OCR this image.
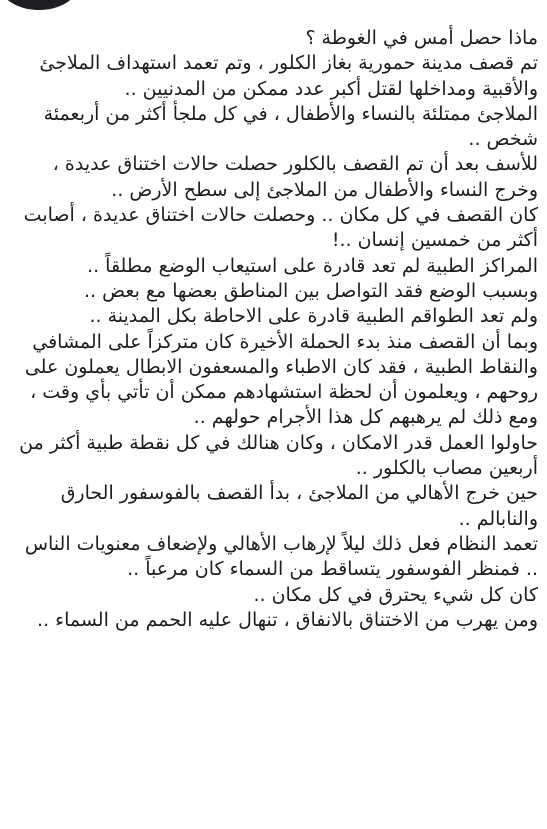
ماذا حصل أمس في الغوطة ؟

تم قصف مدينة حمورية بغاز الكلور ، وتم تعمد استهداف الملاجئ والأقبية ومداخلها لقتل أكبر عدد ممكن من المدنيين ..

الملاجئ ممتلئة بالنساء والأطفال ، في كل ملجأ أكثر من أربعمئة شخص ..

للأسف بعد أن تم القصف بالكلور حصلت حالات اختناق عديدة ، وخرج النساء والأطفال من الملاجئ إلى سطح الأرض ..

كان القصف في كل مكان .. وحصلت حالات اختناق عديدة ، أصابت أكثر من خمسين إنسان ..!

المراكز الطبية لم تعد قادرة على استيعاب الوضع مطلقاً ..

وبسبب الوضع فقد التواصل بين المناطق بعضها مع بعض ..

ولم تعد الطواقم الطبية قادرة على الاحاطة بكل المدينة ..

وبما أن القصف منذ بدء الحملة الأخيرة كان متركزاً على المشافي والنقاط الطبية ، فقد كان الاطباء والمسعفون الابطال يعملون على روحهم ، ويعلمون أن لحظة استشهادهم ممكن أن تأتي بأي وقت ، ومع ذلك لم يرهبهم كل هذا الأجرام حولهم ..

حاولوا العمل قدر الامكان ، وكان هنالك في كل نقطة طبية أكثر من أربعين مصاب بالكلور ..

حين خرج الأهالي من الملاجئ ، بدأ القصف بالفوسفور الحارق والنابالم ..

تعمد النظام فعل ذلك ليلاً لإرهاب الأهالي ولإضعاف معنويات الناس .. فمنظر الفوسفور يتساقط من السماء كان مرعباً ..

كان كل شيء يحترق في كل مكان ..

ومن يهرب من الاختناق بالانفاق ، تنهال عليه الحمم من السماء ..
